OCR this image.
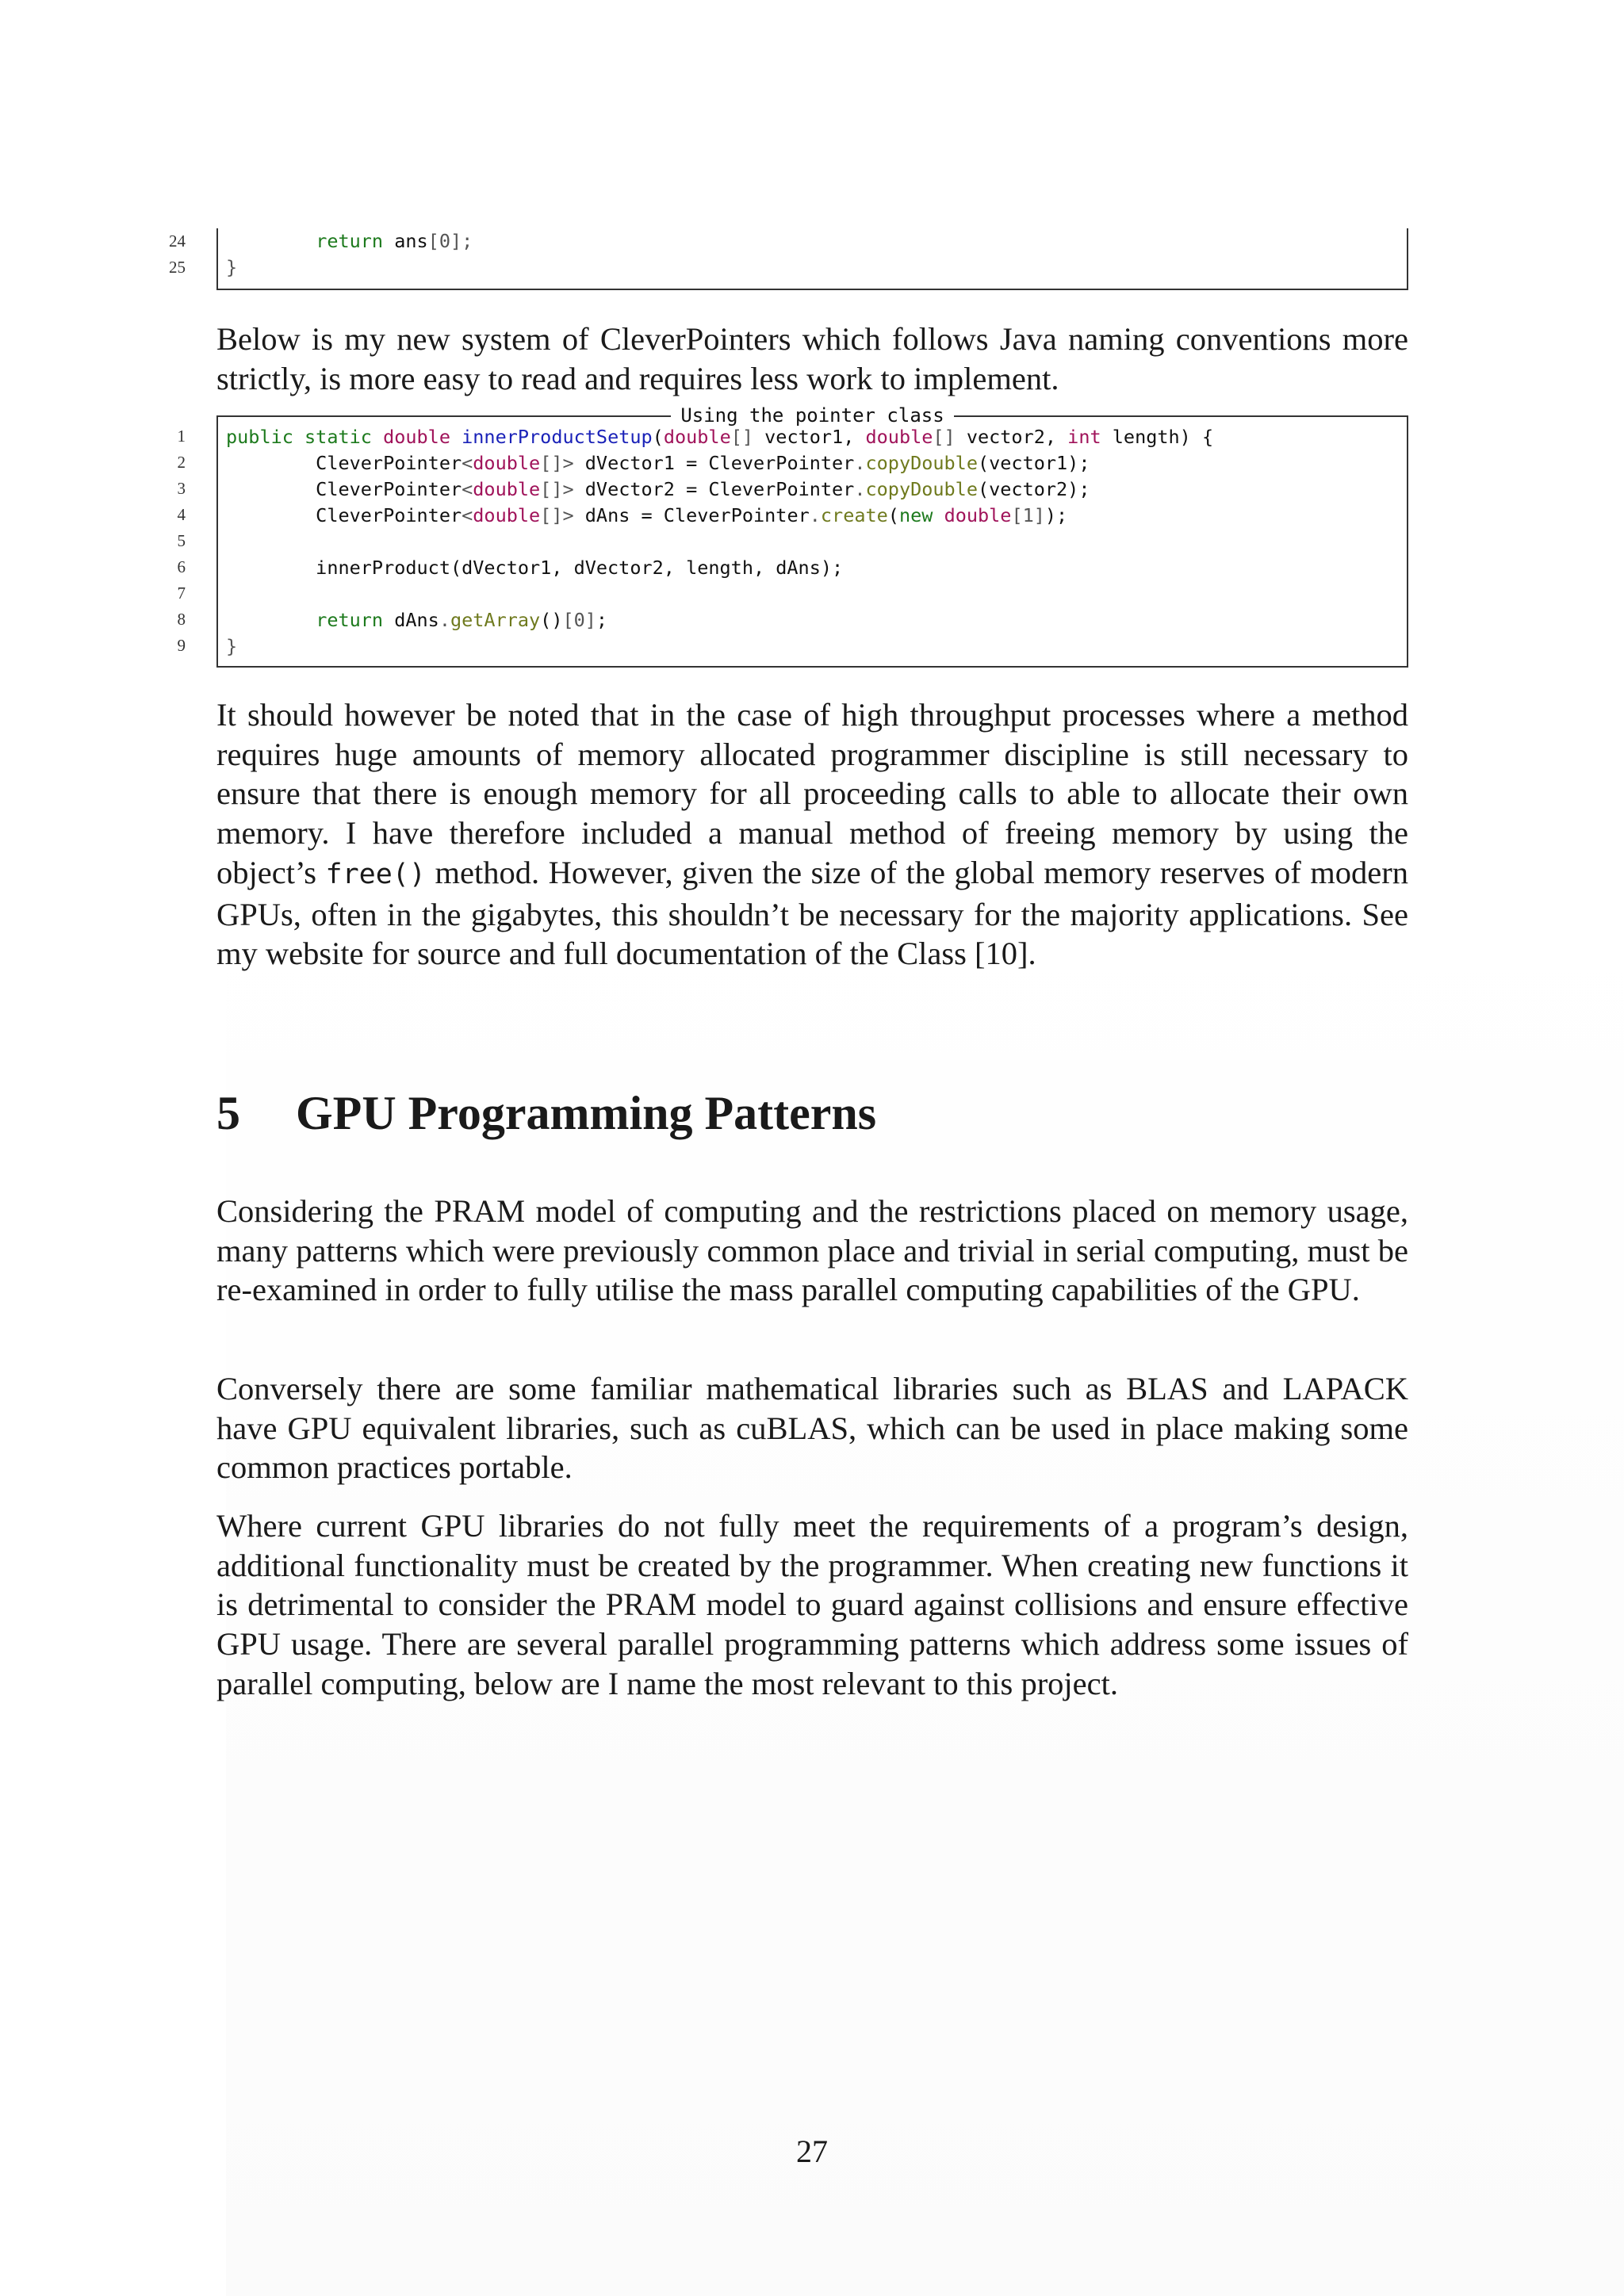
24
25
return ans[0];
}
Below is my new system of CleverPointers which follows Java naming conventions more strictly, is more easy to read and requires less work to implement.
1
2
3
4
5
6
7
8
9
Using the pointer class
public static double innerProductSetup(double[] vector1, double[] vector2, int length) {
CleverPointer<double[]> dVector1 = CleverPointer.copyDouble(vector1);
CleverPointer<double[]> dVector2 = CleverPointer.copyDouble(vector2);
CleverPointer<double[]> dAns = CleverPointer.create(new double[1]);
innerProduct(dVector1, dVector2, length, dAns);
return dAns.getArray()[0];
}
It should however be noted that in the case of high throughput processes where a method requires huge amounts of memory allocated programmer discipline is still necessary to ensure that there is enough memory for all proceeding calls to able to allocate their own memory. I have therefore included a manual method of freeing memory by using the object’s free() method. However, given the size of the global memory reserves of modern GPUs, often in the gigabytes, this shouldn’t be necessary for the majority applications. See my website for source and full documentation of the Class [10].
5 GPU Programming Patterns
Considering the PRAM model of computing and the restrictions placed on memory usage, many patterns which were previously common place and trivial in serial computing, must be re-examined in order to fully utilise the mass parallel computing capabilities of the GPU.
Conversely there are some familiar mathematical libraries such as BLAS and LAPACK have GPU equivalent libraries, such as cuBLAS, which can be used in place making some common practices portable.
Where current GPU libraries do not fully meet the requirements of a program’s design, additional functionality must be created by the programmer. When creating new functions it is detrimental to consider the PRAM model to guard against collisions and ensure effective GPU usage. There are several parallel programming patterns which address some issues of parallel computing, below are I name the most relevant to this project.
27
